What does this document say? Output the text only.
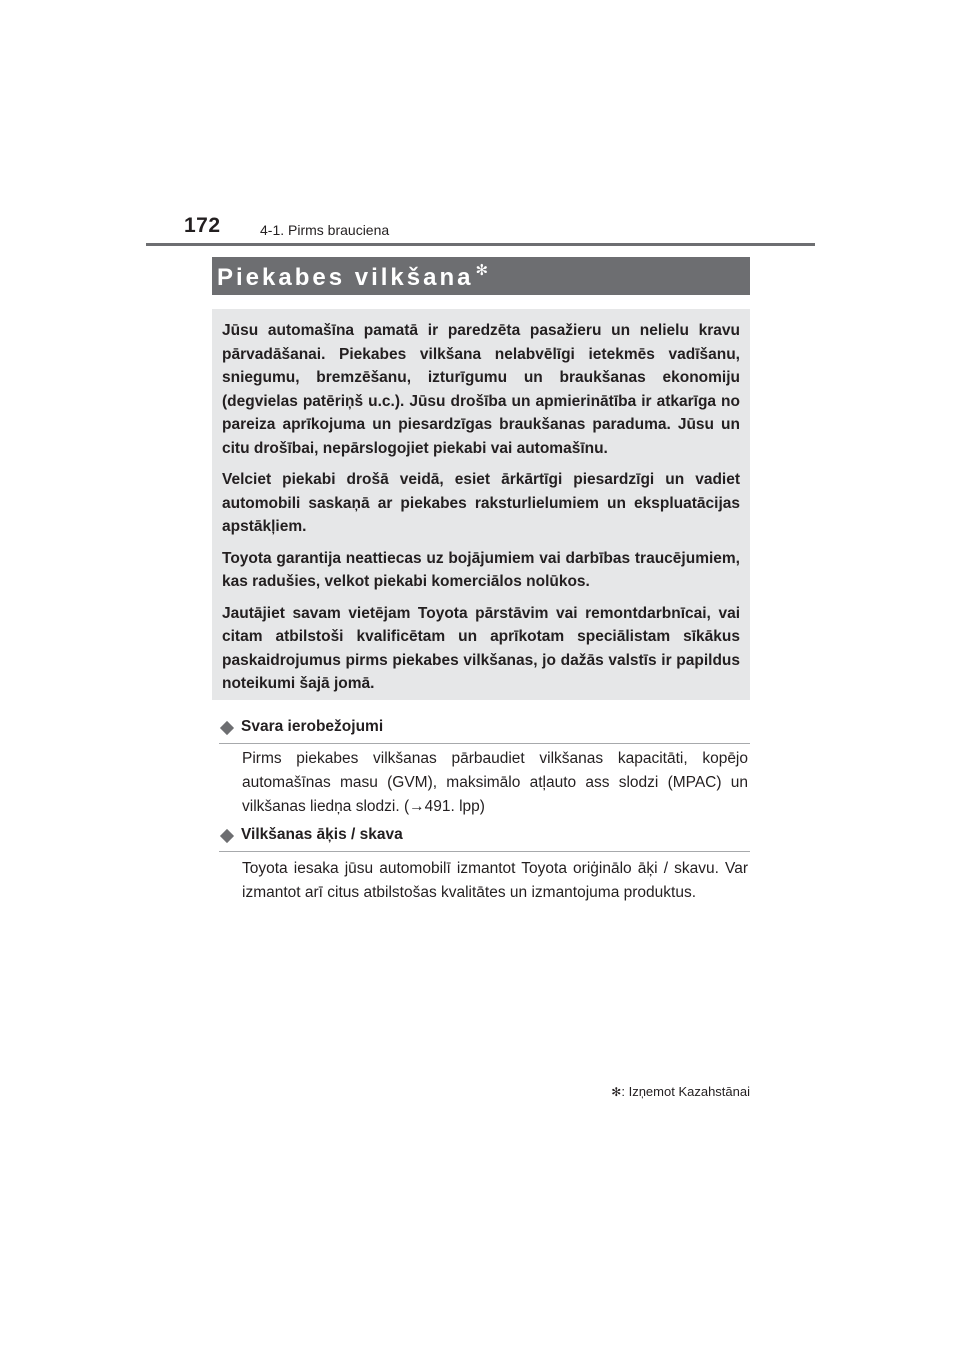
172	4-1. Pirms brauciena
Piekabes vilkšana ✻

Jūsu automašīna pamatā ir paredzēta pasažieru un nelielu kravu pārvadāšanai. Piekabes vilkšana nelabvēlīgi ietekmēs vadīšanu, sniegumu, bremzēšanu, izturīgumu un braukšanas ekonomiju (degvielas patēriņš u.c.). Jūsu drošība un apmierinātība ir atkarīga no pareiza aprīkojuma un piesardzīgas braukšanas paraduma. Jūsu un citu drošībai, nepārslogojiet piekabi vai automašīnu.

Velciet piekabi drošā veidā, esiet ārkārtīgi piesardzīgi un vadiet automobili saskaņā ar piekabes raksturlielumiem un ekspluatācijas apstākļiem.

Toyota garantija neattiecas uz bojājumiem vai darbības traucējumiem, kas radušies, velkot piekabi komerciālos nolūkos.

Jautājiet savam vietējam Toyota pārstāvim vai remontdarbnīcai, vai citam atbilstoši kvalificētam un aprīkotam speciālistam sīkākus paskaidrojumus pirms piekabes vilkšanas, jo dažās valstīs ir papildus noteikumi šajā jomā.

Svara ierobežojumi

Pirms piekabes vilkšanas pārbaudiet vilkšanas kapacitāti, kopējo automašīnas masu (GVM), maksimālo atļauto ass slodzi (MPAC) un vilkšanas liedņa slodzi. (→491. lpp)

Vilkšanas āķis / skava

Toyota iesaka jūsu automobilī izmantot Toyota oriģinālo āķi / skavu. Var izmantot arī citus atbilstošas kvalitātes un izmantojuma produktus.

✻: Izņemot Kazahstānai
